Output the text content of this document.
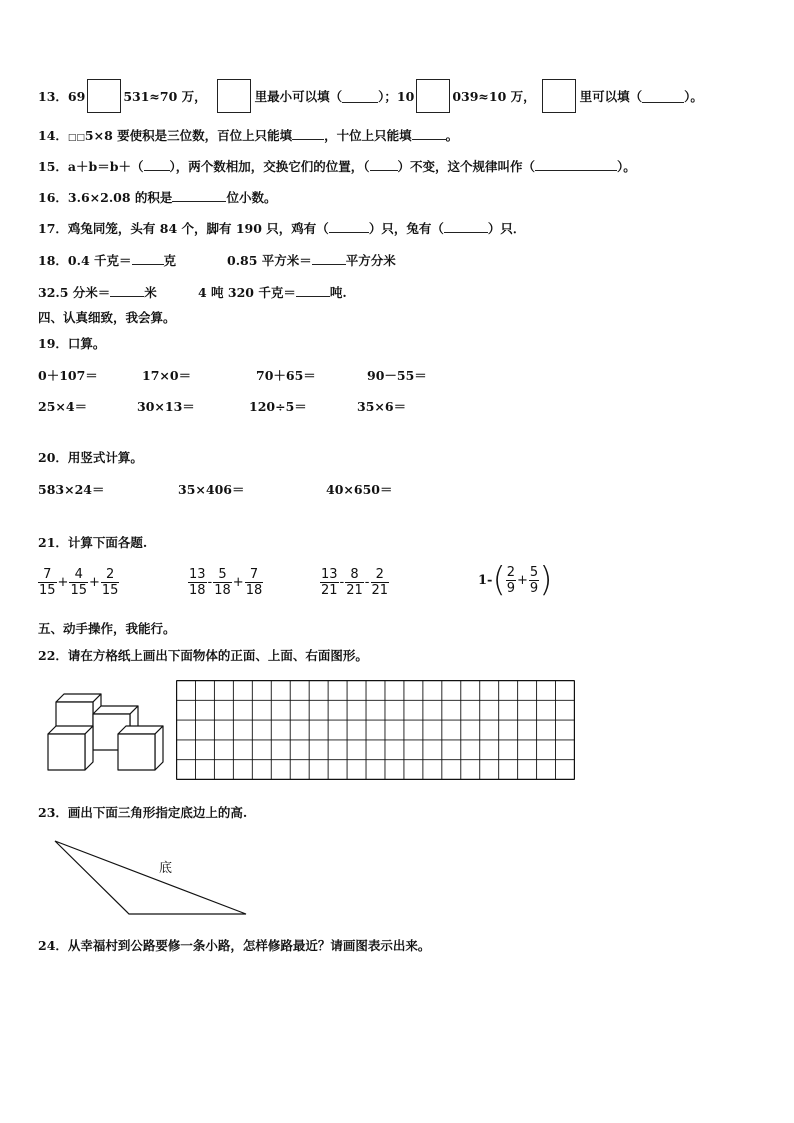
13． 69	531≈70 万，	里最小可以填（	）；10	039≈10 万，	里可以填（	）。
14．□□5×8 要使积是三位数，百位上只能填	，十位上只能填	。
15．a＋b＝b＋（ ），两个数相加，交换它们的位置，（ ）不变，这个规律叫作（	）。
16．3.6×2.08 的积是	位小数。
17．鸡兔同笼，头有 84 个，脚有 190 只，鸡有（	）只，兔有（	）只．
18．0.4 千克＝	克	0.85 平方米＝	平方分米
32.5 分米＝	米	4 吨 320 千克＝	吨.
四、认真细致，我会算。
19．口算。
0＋107＝	17×0＝	70＋65＝	90－55＝
25×4＝	30×13＝	120÷5＝	35×6＝
20．用竖式计算。
583×24＝	35×406＝	40×650＝
21．计算下面各题.
$\frac{7}{15} + \frac{4}{15} + \frac{2}{15}$	$\frac{13}{18} - \frac{5}{18} + \frac{7}{18}$	$\frac{13}{21} - \frac{8}{21} - \frac{2}{21}$	1- ( $\frac{2}{9} + \frac{5}{9}$ )
五、动手操作，我能行。
22．请在方格纸上画出下面物体的正面、上面、右面图形。
23．画出下面三角形指定底边上的高.
底
24．从幸福村到公路要修一条小路，怎样修路最近？请画图表示出来。
